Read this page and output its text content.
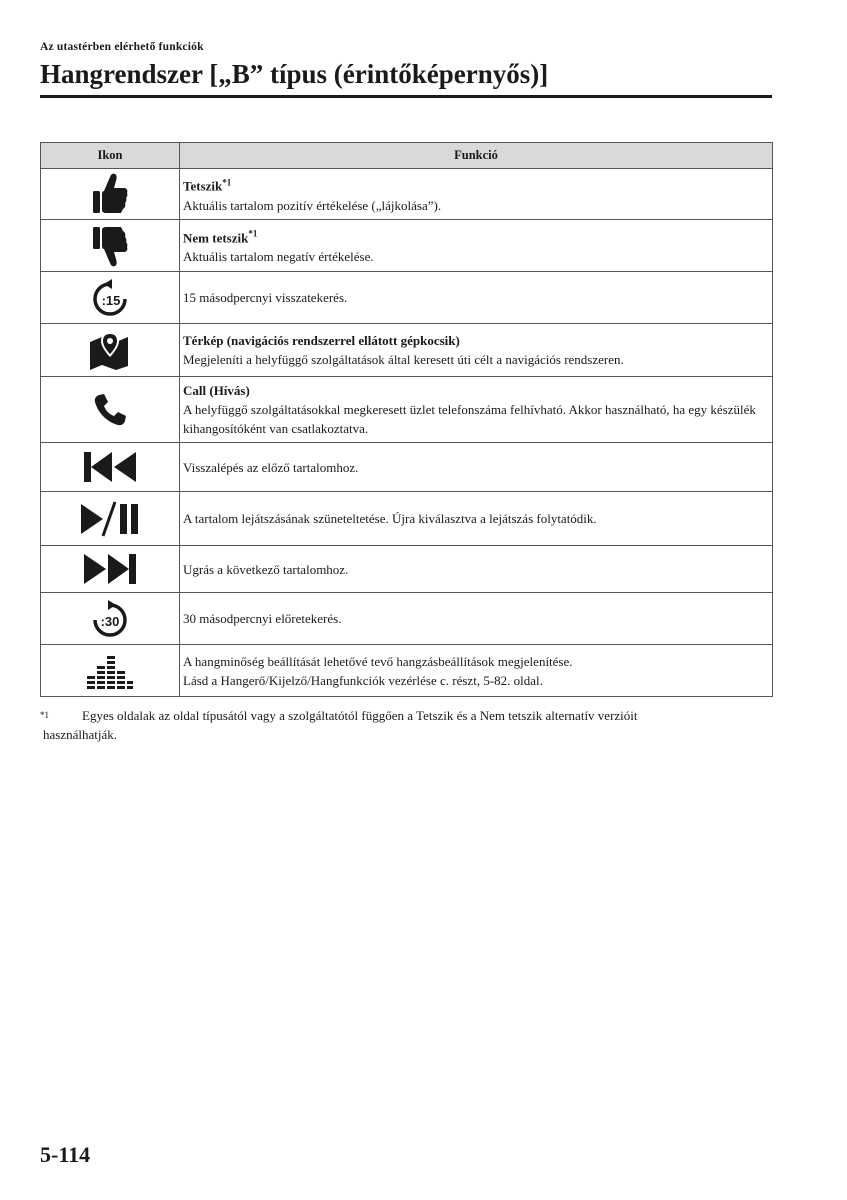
Az utastérben elérhető funkciók
Hangrendszer [„B” típus (érintőképernyős)]
Ikon	Funkció

Tetszik$^{*1}$
Aktuális tartalom pozitív értékelése („lájkolása”).

Nem tetszik$^{*1}$
Aktuális tartalom negatív értékelése.

:15	15 másodpercnyi visszatekerés.

Térkép (navigációs rendszerrel ellátott gépkocsik)
Megjeleníti a helyfüggő szolgáltatások által keresett úti célt a navigációs rendszeren.

Call (Hívás)
A helyfüggő szolgáltatásokkal megkeresett üzlet telefonszáma felhívható. Akkor használható, ha egy készülék kihangosítóként van csatlakoztatva.

Visszalépés az előző tartalomhoz.

A tartalom lejátszásának szüneteltetése. Újra kiválasztva a lejátszás folytatódik.

Ugrás a következő tartalomhoz.

:30	30 másodpercnyi előretekerés.

A hangminőség beállítását lehetővé tevő hangzásbeállítások megjelenítése.
Lásd a Hangerő/Kijelző/Hangfunkciók vezérlése c. részt, 5-82. oldal.
$^{*1}$	Egyes oldalak az oldal típusától vagy a szolgáltatótól függően a Tetszik és a Nem tetszik alternatív verzióit
használhatják.
5-114
